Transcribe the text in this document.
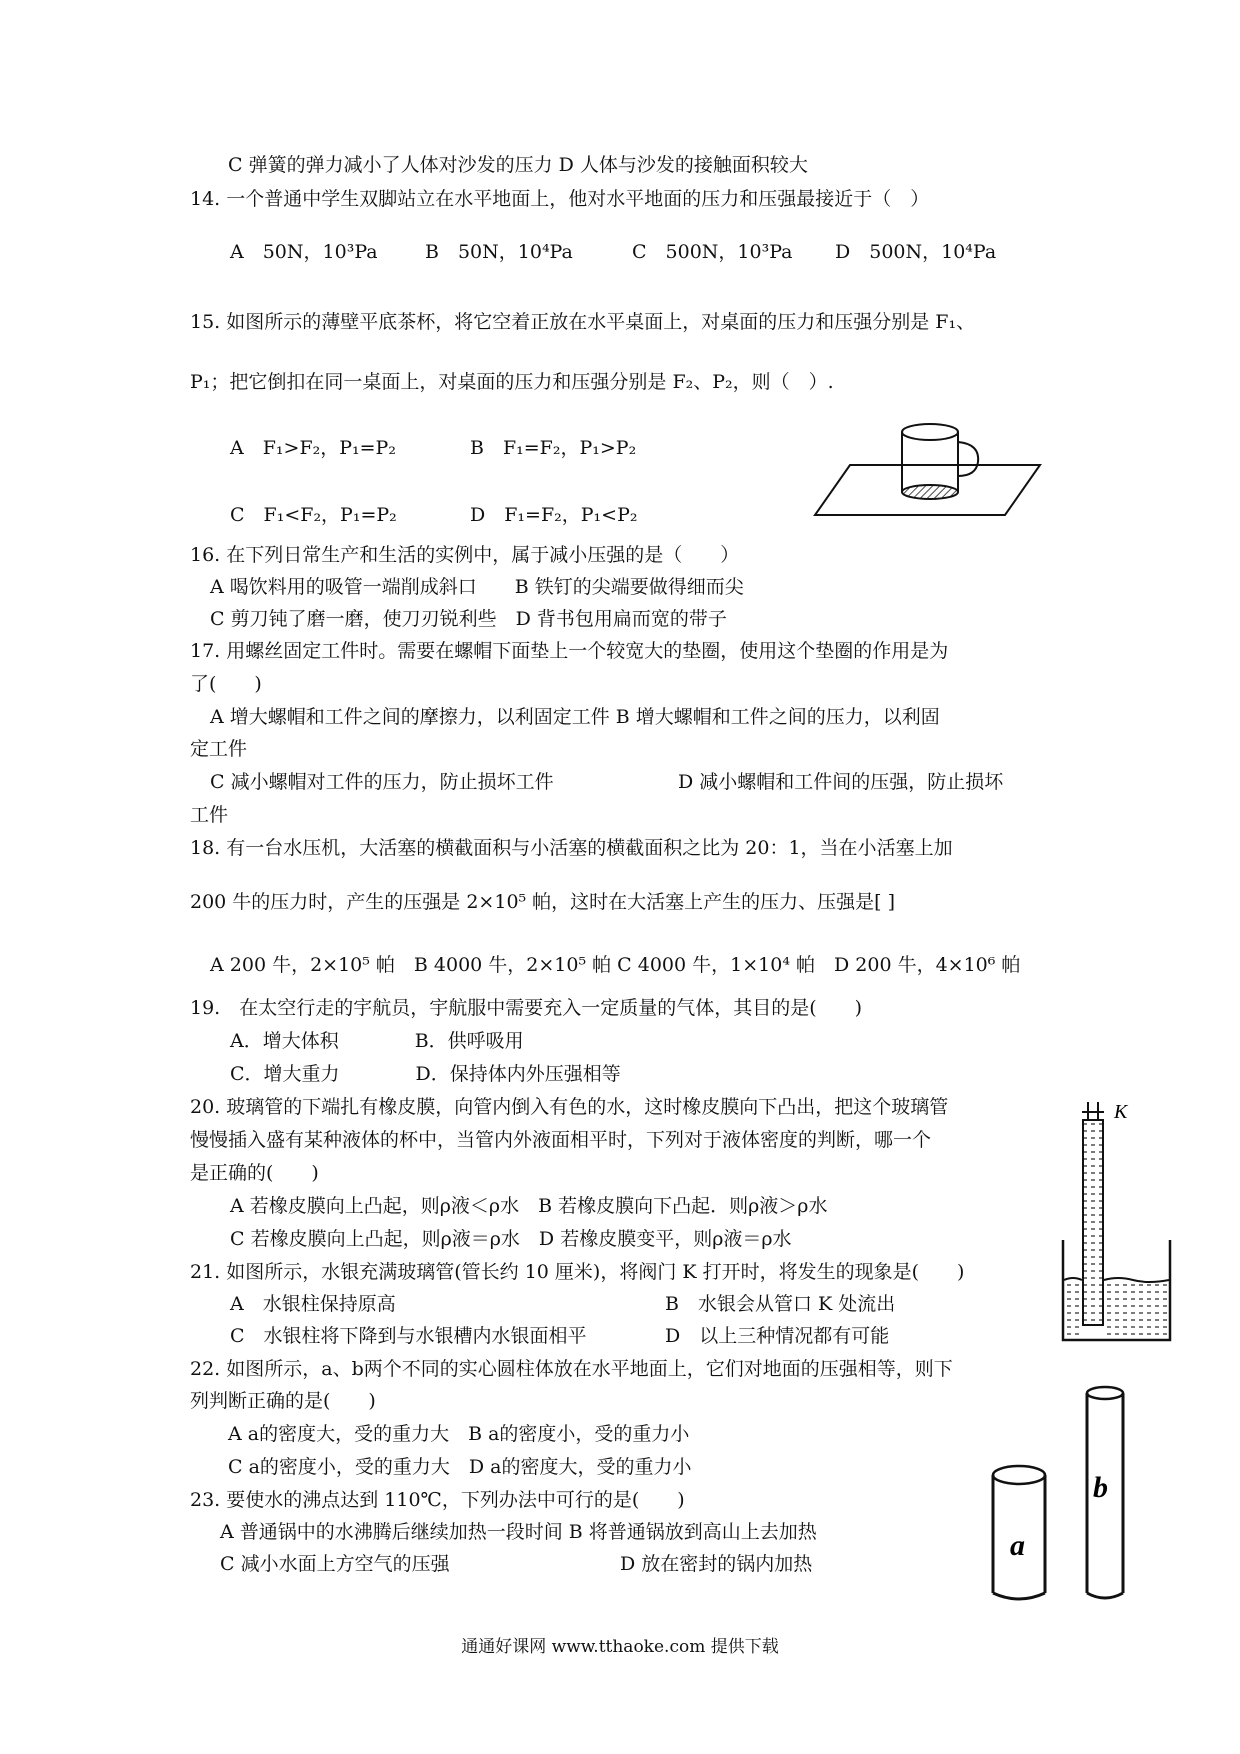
C 弹簧的弹力减小了人体对沙发的压力 D 人体与沙发的接触面积较大
14. 一个普通中学生双脚站立在水平地面上，他对水平地面的压力和压强最接近于（　）
A　50N，10³Pa B　50N，10⁴Pa	C　500N，10³Pa D　500N，10⁴Pa
15. 如图所示的薄壁平底茶杯，将它空着正放在水平桌面上，对桌面的压力和压强分别是 F₁、
P₁；把它倒扣在同一桌面上，对桌面的压力和压强分别是 F₂、P₂，则（　）.
A　F₁>F₂，P₁=P₂	B　F₁=F₂，P₁>P₂
C　F₁<F₂，P₁=P₂	D　F₁=F₂，P₁<P₂
16. 在下列日常生产和生活的实例中，属于减小压强的是（　　）
A 喝饮料用的吸管一端削成斜口　　B 铁钉的尖端要做得细而尖
C 剪刀钝了磨一磨，使刀刃锐利些　D 背书包用扁而宽的带子
17. 用螺丝固定工件时。需要在螺帽下面垫上一个较宽大的垫圈，使用这个垫圈的作用是为
了(　　)
A 增大螺帽和工件之间的摩擦力，以利固定工件 B 增大螺帽和工件之间的压力，以利固
定工件
C 减小螺帽对工件的压力，防止损坏工件	D 减小螺帽和工件间的压强，防止损坏
工件
18. 有一台水压机，大活塞的横截面积与小活塞的横截面积之比为 20：1，当在小活塞上加
200 牛的压力时，产生的压强是 2×10⁵ 帕，这时在大活塞上产生的压力、压强是[ ]
A 200 牛，2×10⁵ 帕　B 4000 牛，2×10⁵ 帕 C 4000 牛，1×10⁴ 帕　D 200 牛，4×10⁶ 帕
19.　在太空行走的宇航员，宇航服中需要充入一定质量的气体，其目的是(　　)
A．增大体积　　　　B．供呼吸用
C．增大重力　　　　D．保持体内外压强相等
20. 玻璃管的下端扎有橡皮膜，向管内倒入有色的水，这时橡皮膜向下凸出，把这个玻璃管
慢慢插入盛有某种液体的杯中，当管内外液面相平时，下列对于液体密度的判断，哪一个
是正确的(　　)
A 若橡皮膜向上凸起，则ρ液＜ρ水　B 若橡皮膜向下凸起．则ρ液＞ρ水
C 若橡皮膜向上凸起，则ρ液＝ρ水　D 若橡皮膜变平，则ρ液＝ρ水
21. 如图所示，水银充满玻璃管(管长约 10 厘米)，将阀门 K 打开时，将发生的现象是(　　)
A　水银柱保持原高	B　水银会从管口 K 处流出
C　水银柱将下降到与水银槽内水银面相平	D　以上三种情况都有可能
22. 如图所示，a、b两个不同的实心圆柱体放在水平地面上，它们对地面的压强相等，则下
列判断正确的是(　　)
A a的密度大，受的重力大　B a的密度小，受的重力小
C a的密度小，受的重力大　D a的密度大，受的重力小
23. 要使水的沸点达到 110℃，下列办法中可行的是(　　)
A 普通锅中的水沸腾后继续加热一段时间 B 将普通锅放到高山上去加热
C 减小水面上方空气的压强	D 放在密封的锅内加热
K
a
b
通通好课网 www.tthaoke.com 提供下载
